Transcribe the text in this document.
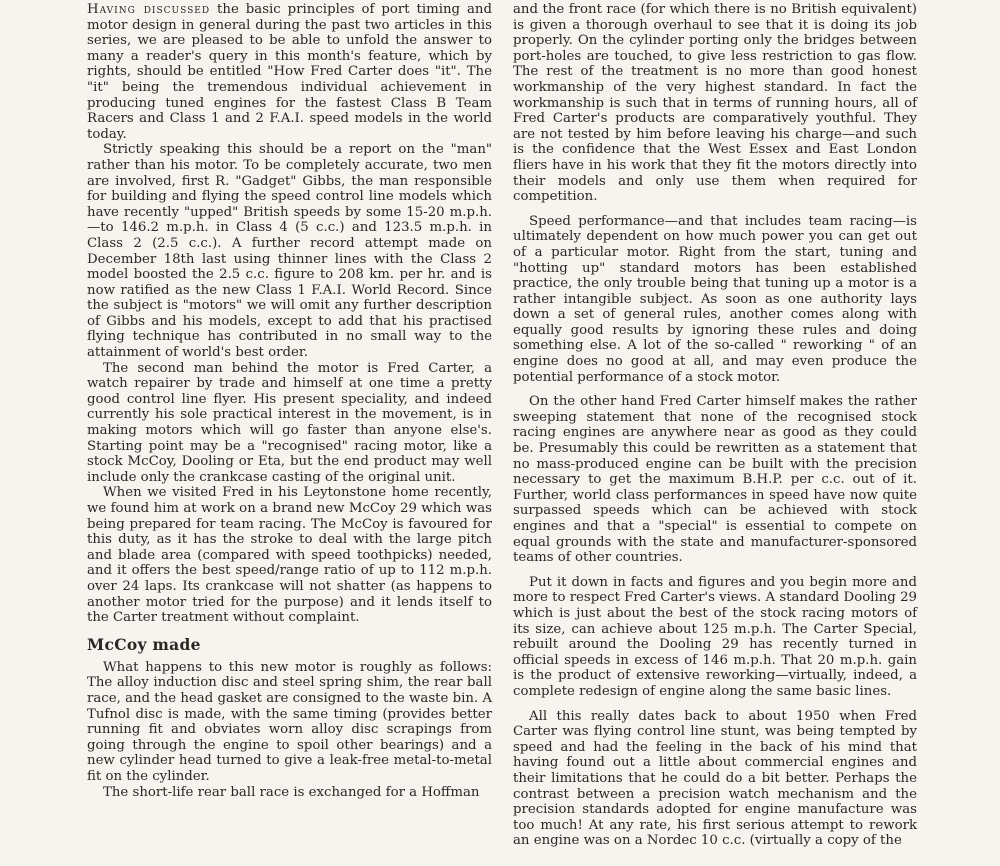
Having discussed the basic principles of port timing and motor design in general during the past two articles in this series, we are pleased to be able to unfold the answer to many a reader's query in this month's feature, which by rights, should be entitled "How Fred Carter does "it". The "it" being the tremendous individual achievement in producing tuned engines for the fastest Class B Team Racers and Class 1 and 2 F.A.I. speed models in the world today.

Strictly speaking this should be a report on the "man" rather than his motor. To be completely accurate, two men are involved, first R. "Gadget" Gibbs, the man responsible for building and flying the speed control line models which have recently "upped" British speeds by some 15-20 m.p.h.—to 146.2 m.p.h. in Class 4 (5 c.c.) and 123.5 m.p.h. in Class 2 (2.5 c.c.). A further record attempt made on December 18th last using thinner lines with the Class 2 model boosted the 2.5 c.c. figure to 208 km. per hr. and is now ratified as the new Class 1 F.A.I. World Record. Since the subject is "motors" we will omit any further description of Gibbs and his models, except to add that his practised flying technique has contributed in no small way to the attainment of world's best order.

The second man behind the motor is Fred Carter, a watch repairer by trade and himself at one time a pretty good control line flyer. His present speciality, and indeed currently his sole practical interest in the movement, is in making motors which will go faster than anyone else's. Starting point may be a "recognised" racing motor, like a stock McCoy, Dooling or Eta, but the end product may well include only the crankcase casting of the original unit.

When we visited Fred in his Leytonstone home recently, we found him at work on a brand new McCoy 29 which was being prepared for team racing. The McCoy is favoured for this duty, as it has the stroke to deal with the large pitch and blade area (compared with speed toothpicks) needed, and it offers the best speed/range ratio of up to 112 m.p.h. over 24 laps. Its crankcase will not shatter (as happens to another motor tried for the purpose) and it lends itself to the Carter treatment without complaint.

McCoy made

What happens to this new motor is roughly as follows: The alloy induction disc and steel spring shim, the rear ball race, and the head gasket are consigned to the waste bin. A Tufnol disc is made, with the same timing (provides better running fit and obviates worn alloy disc scrapings from going through the engine to spoil other bearings) and a new cylinder head turned to give a leak-free metal-to-metal fit on the cylinder.

The short-life rear ball race is exchanged for a Hoffman

and the front race (for which there is no British equivalent) is given a thorough overhaul to see that it is doing its job properly. On the cylinder porting only the bridges between port-holes are touched, to give less restriction to gas flow. The rest of the treatment is no more than good honest workmanship of the very highest standard. In fact the workmanship is such that in terms of running hours, all of Fred Carter's products are comparatively youthful. They are not tested by him before leaving his charge—and such is the confidence that the West Essex and East London fliers have in his work that they fit the motors directly into their models and only use them when required for competition.

Speed performance—and that includes team racing—is ultimately dependent on how much power you can get out of a particular motor. Right from the start, tuning and "hotting up" standard motors has been established practice, the only trouble being that tuning up a motor is a rather intangible subject. As soon as one authority lays down a set of general rules, another comes along with equally good results by ignoring these rules and doing something else. A lot of the so-called " reworking " of an engine does no good at all, and may even produce the potential performance of a stock motor.

On the other hand Fred Carter himself makes the rather sweeping statement that none of the recognised stock racing engines are anywhere near as good as they could be. Presumably this could be rewritten as a statement that no mass-produced engine can be built with the precision necessary to get the maximum B.H.P. per c.c. out of it. Further, world class performances in speed have now quite surpassed speeds which can be achieved with stock engines and that a "special" is essential to compete on equal grounds with the state and manufacturer-sponsored teams of other countries.

Put it down in facts and figures and you begin more and more to respect Fred Carter's views. A standard Dooling 29 which is just about the best of the stock racing motors of its size, can achieve about 125 m.p.h. The Carter Special, rebuilt around the Dooling 29 has recently turned in official speeds in excess of 146 m.p.h. That 20 m.p.h. gain is the product of extensive reworking—virtually, indeed, a complete redesign of engine along the same basic lines.

All this really dates back to about 1950 when Fred Carter was flying control line stunt, was being tempted by speed and had the feeling in the back of his mind that having found out a little about commercial engines and their limitations that he could do a bit better. Perhaps the contrast between a precision watch mechanism and the precision standards adopted for engine manufacture was too much! At any rate, his first serious attempt to rework an engine was on a Nordec 10 c.c. (virtually a copy of the
